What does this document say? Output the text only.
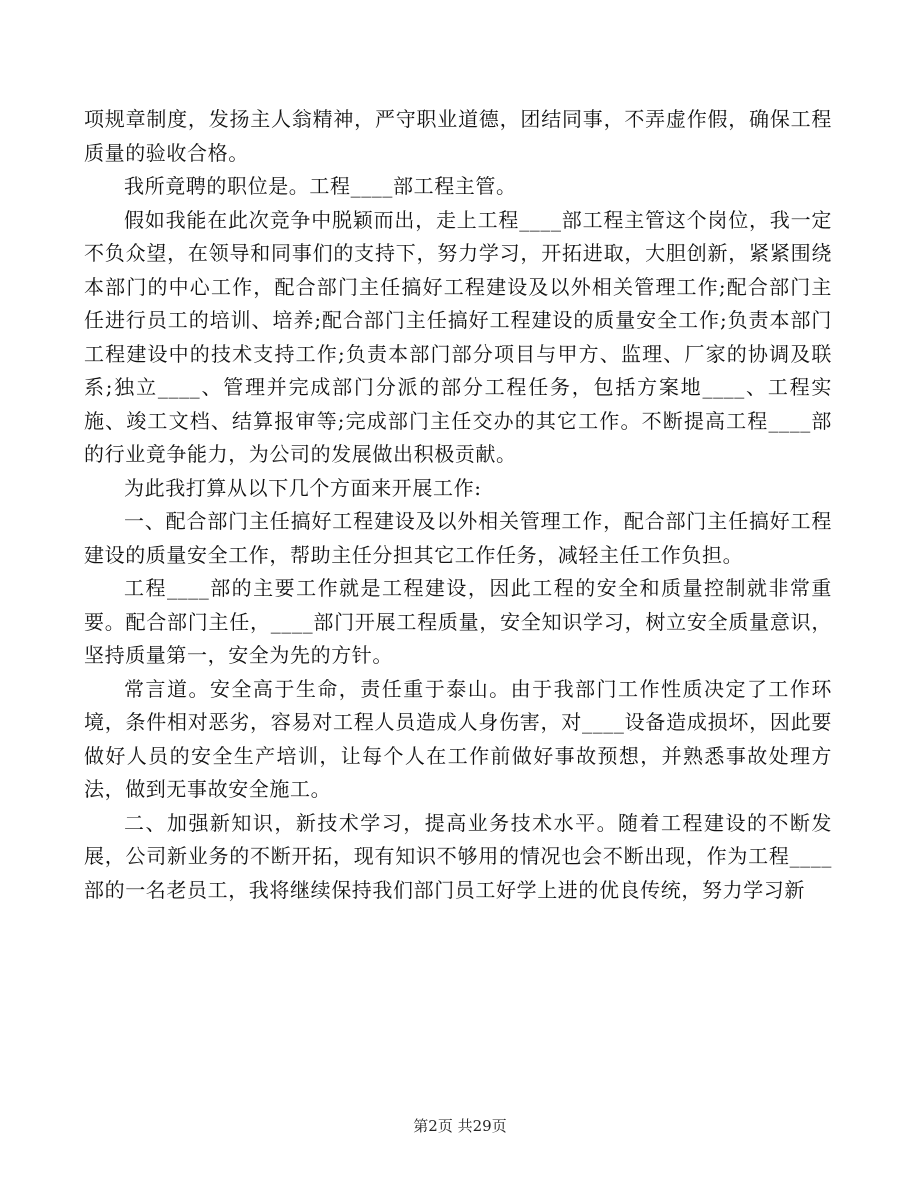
项规章制度，发扬主人翁精神，严守职业道德，团结同事，不弄虚作假，确保工程质量的验收合格。

我所竟聘的职位是。工程____部工程主管。

假如我能在此次竞争中脱颖而出，走上工程____部工程主管这个岗位，我一定不负众望，在领导和同事们的支持下，努力学习，开拓进取，大胆创新，紧紧围绕本部门的中心工作，配合部门主任搞好工程建设及以外相关管理工作;配合部门主任进行员工的培训、培养;配合部门主任搞好工程建设的质量安全工作;负责本部门工程建设中的技术支持工作;负责本部门部分项目与甲方、监理、厂家的协调及联系;独立____、管理并完成部门分派的部分工程任务，包括方案地____、工程实施、竣工文档、结算报审等;完成部门主任交办的其它工作。不断提高工程____部的行业竟争能力，为公司的发展做出积极贡献。

为此我打算从以下几个方面来开展工作:

一、配合部门主任搞好工程建设及以外相关管理工作，配合部门主任搞好工程建设的质量安全工作，帮助主任分担其它工作任务，减轻主任工作负担。

工程____部的主要工作就是工程建设，因此工程的安全和质量控制就非常重要。配合部门主任，____部门开展工程质量，安全知识学习，树立安全质量意识，坚持质量第一，安全为先的方针。

常言道。安全高于生命，责任重于泰山。由于我部门工作性质决定了工作环境，条件相对恶劣，容易对工程人员造成人身伤害，对____设备造成损坏，因此要做好人员的安全生产培训，让每个人在工作前做好事故预想，并熟悉事故处理方法，做到无事故安全施工。

二、加强新知识，新技术学习，提高业务技术水平。随着工程建设的不断发展，公司新业务的不断开拓，现有知识不够用的情况也会不断出现，作为工程____部的一名老员工，我将继续保持我们部门员工好学上进的优良传统，努力学习新

第2页 共29页
